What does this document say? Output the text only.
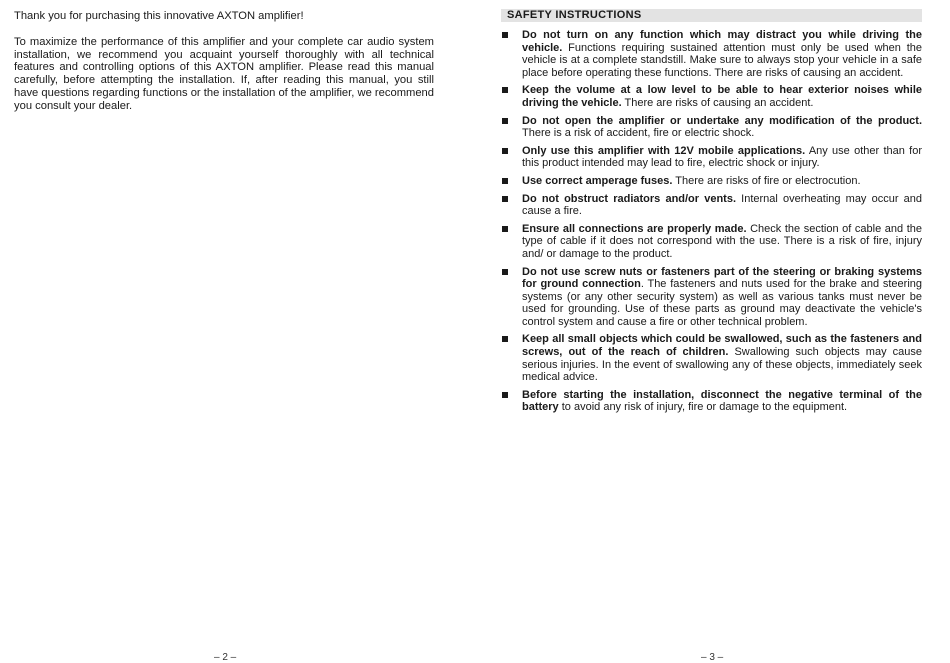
Thank you for purchasing this innovative AXTON amplifier!

To maximize the performance of this amplifier and your complete car audio system installation, we recommend you acquaint yourself thoroughly with all technical features and controlling options of this AXTON amplifier. Please read this manual carefully, before attempting the installation. If, after reading this manual, you still have questions regarding functions or the installation of the amplifier, we recommend you consult your dealer.

SAFETY INSTRUCTIONS
Do not turn on any function which may distract you while driving the vehicle. Functions requiring sustained attention must only be used when the vehicle is at a complete standstill. Make sure to always stop your vehicle in a safe place before operating these functions. There are risks of causing an accident.
Keep the volume at a low level to be able to hear exterior noises while driving the vehicle. There are risks of causing an accident.
Do not open the amplifier or undertake any modification of the product. There is a risk of accident, fire or electric shock.
Only use this amplifier with 12V mobile applications. Any use other than for this product intended may lead to fire, electric shock or injury.
Use correct amperage fuses. There are risks of fire or electrocution.
Do not obstruct radiators and/or vents. Internal overheating may occur and cause a fire.
Ensure all connections are properly made. Check the section of cable and the type of cable if it does not correspond with the use. There is a risk of fire, injury and/ or damage to the product.
Do not use screw nuts or fasteners part of the steering or braking systems for ground connection. The fasteners and nuts used for the brake and steering systems (or any other security system) as well as various tanks must never be used for grounding. Use of these parts as ground may deactivate the vehicle's control system and cause a fire or other technical problem.
Keep all small objects which could be swallowed, such as the fasteners and screws, out of the reach of children. Swallowing such objects may cause serious injuries. In the event of swallowing any of these objects, immediately seek medical advice.
Before starting the installation, disconnect the negative terminal of the battery to avoid any risk of injury, fire or damage to the equipment.
– 2 –	– 3 –
